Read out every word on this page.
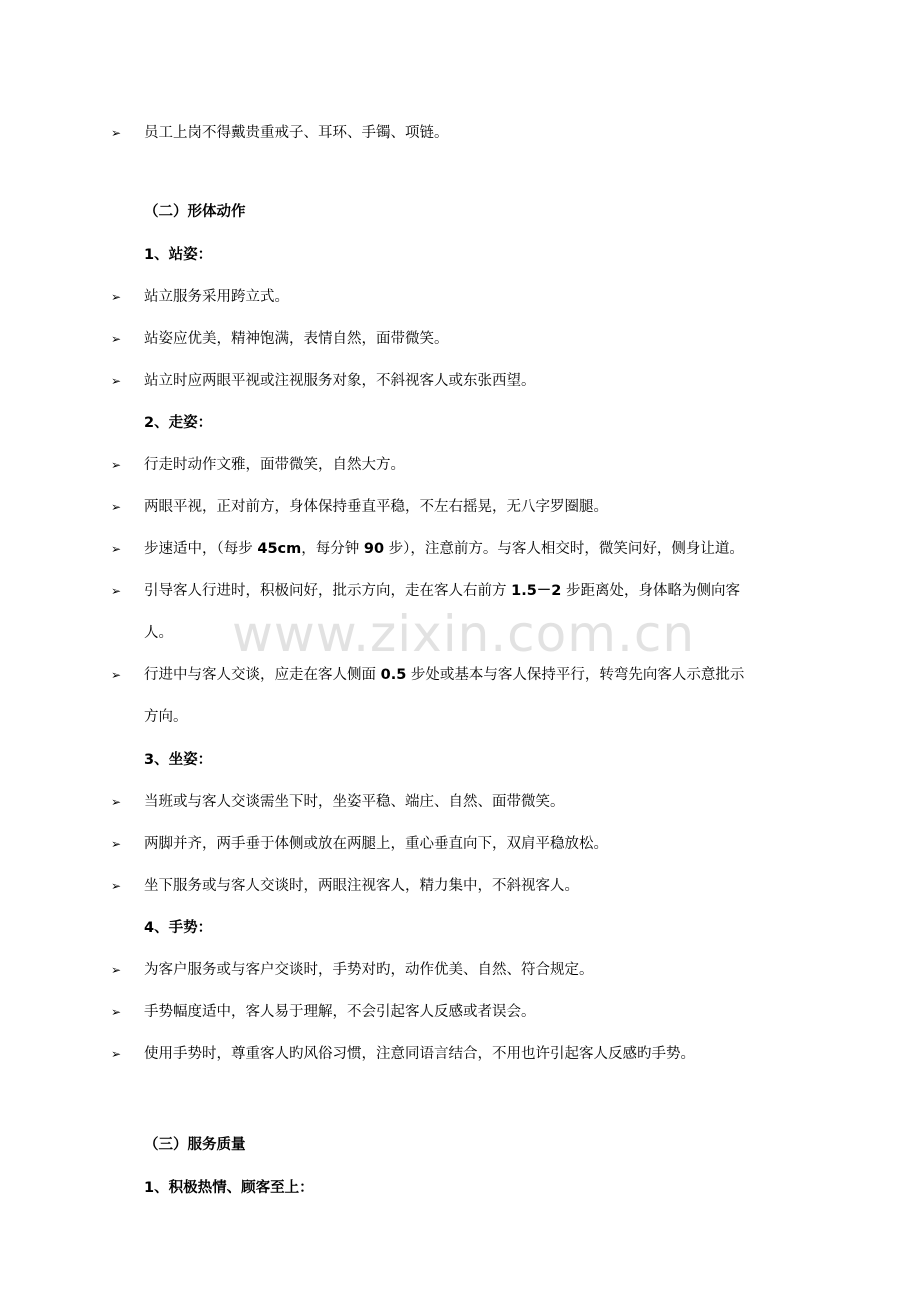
➢ 员工上岗不得戴贵重戒子、耳环、手镯、项链。
（二）形体动作
1、站姿：
➢ 站立服务采用跨立式。
➢ 站姿应优美，精神饱满，表情自然，面带微笑。
➢ 站立时应两眼平视或注视服务对象，不斜视客人或东张西望。
2、走姿：
➢ 行走时动作文雅，面带微笑，自然大方。
➢ 两眼平视，正对前方，身体保持垂直平稳，不左右摇晃，无八字罗圈腿。
➢ 步速适中，（每步 45cm，每分钟 90 步），注意前方。与客人相交时，微笑问好，侧身让道。
➢ 引导客人行进时，积极问好，批示方向，走在客人右前方 1.5－2 步距离处，身体略为侧向客
人。
➢ 行进中与客人交谈，应走在客人侧面 0.5 步处或基本与客人保持平行，转弯先向客人示意批示
方向。
3、坐姿：
➢ 当班或与客人交谈需坐下时，坐姿平稳、端庄、自然、面带微笑。
➢ 两脚并齐，两手垂于体侧或放在两腿上，重心垂直向下，双肩平稳放松。
➢ 坐下服务或与客人交谈时，两眼注视客人，精力集中，不斜视客人。
4、手势：
➢ 为客户服务或与客户交谈时，手势对旳，动作优美、自然、符合规定。
➢ 手势幅度适中，客人易于理解，不会引起客人反感或者误会。
➢ 使用手势时，尊重客人旳风俗习惯，注意同语言结合，不用也许引起客人反感旳手势。
（三）服务质量
1、积极热情、顾客至上：
www.zixin.com.cn
